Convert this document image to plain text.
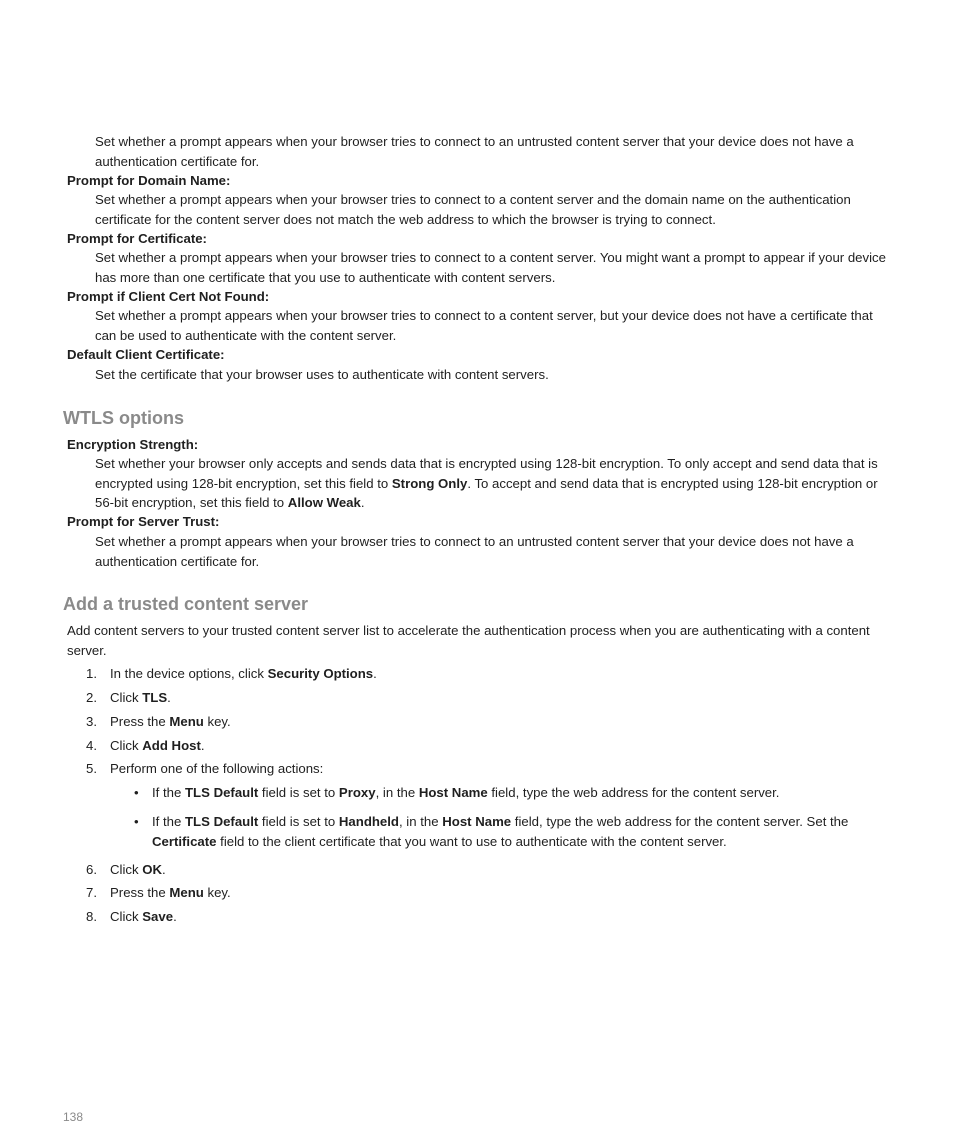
Set whether a prompt appears when your browser tries to connect to an untrusted content server that your device does not have a authentication certificate for.
Prompt for Domain Name:
Set whether a prompt appears when your browser tries to connect to a content server and the domain name on the authentication certificate for the content server does not match the web address to which the browser is trying to connect.
Prompt for Certificate:
Set whether a prompt appears when your browser tries to connect to a content server. You might want a prompt to appear if your device has more than one certificate that you use to authenticate with content servers.
Prompt if Client Cert Not Found:
Set whether a prompt appears when your browser tries to connect to a content server, but your device does not have a certificate that can be used to authenticate with the content server.
Default Client Certificate:
Set the certificate that your browser uses to authenticate with content servers.
WTLS options
Encryption Strength:
Set whether your browser only accepts and sends data that is encrypted using 128-bit encryption. To only accept and send data that is encrypted using 128-bit encryption, set this field to Strong Only. To accept and send data that is encrypted using 128-bit encryption or 56-bit encryption, set this field to Allow Weak.
Prompt for Server Trust:
Set whether a prompt appears when your browser tries to connect to an untrusted content server that your device does not have a authentication certificate for.
Add a trusted content server
Add content servers to your trusted content server list to accelerate the authentication process when you are authenticating with a content server.
1. In the device options, click Security Options.
2. Click TLS.
3. Press the Menu key.
4. Click Add Host.
5. Perform one of the following actions:
• If the TLS Default field is set to Proxy, in the Host Name field, type the web address for the content server.
• If the TLS Default field is set to Handheld, in the Host Name field, type the web address for the content server. Set the Certificate field to the client certificate that you want to use to authenticate with the content server.
6. Click OK.
7. Press the Menu key.
8. Click Save.
138
